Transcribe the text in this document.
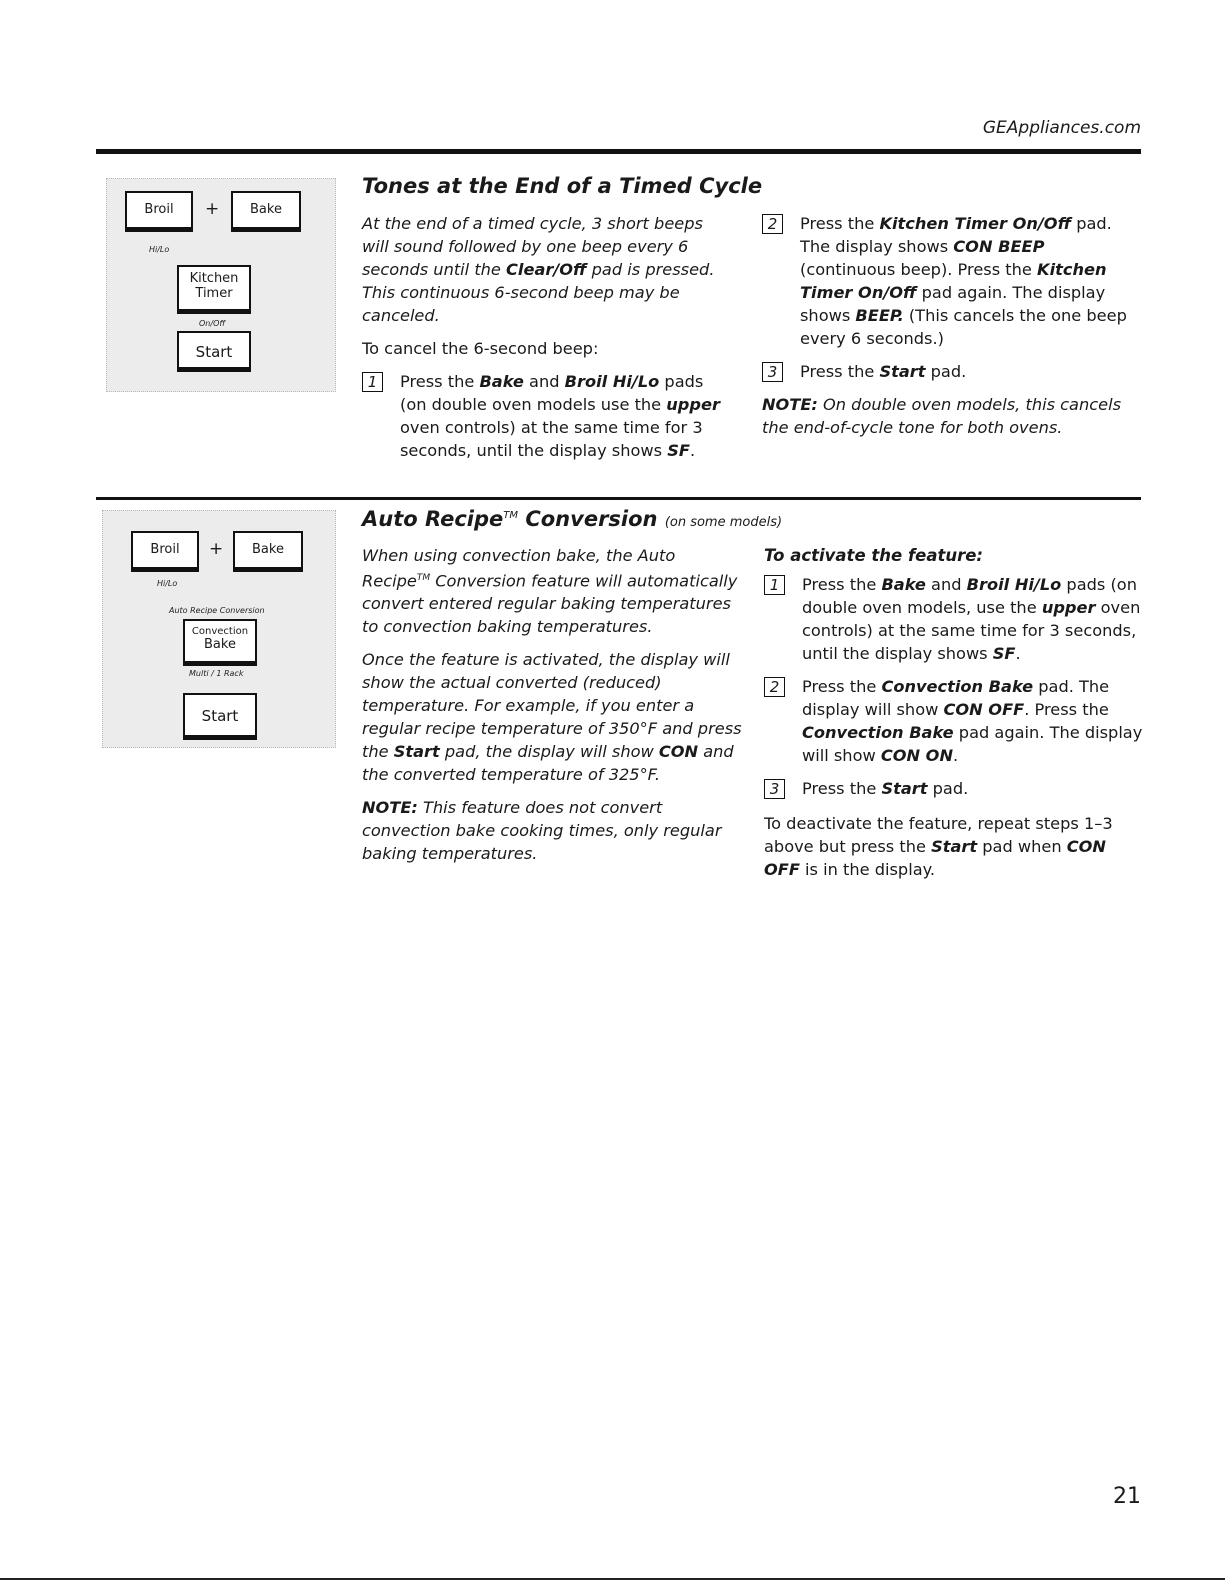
GEAppliances.com
Broil
Hi/Lo
+	Bake
Kitchen
Timer
On/Off
Start
Tones at the End of a Timed Cycle

At the end of a timed cycle, 3 short beeps will sound followed by one beep every 6 seconds until the Clear/Off pad is pressed. This continuous 6-second beep may be canceled.

To cancel the 6-second beep:

1	Press the Bake and Broil Hi/Lo pads (on double oven models use the upper oven controls) at the same time for 3 seconds, until the display shows SF.
2	Press the Kitchen Timer On/Off pad. The display shows CON BEEP (continuous beep). Press the Kitchen Timer On/Off pad again. The display shows BEEP. (This cancels the one beep every 6 seconds.)
3	Press the Start pad.

NOTE: On double oven models, this cancels the end-of-cycle tone for both ovens.

Broil
Hi/Lo
+	Bake
Auto Recipe Conversion
Convection
Bake
Multi / 1 Rack
Start
Auto Recipe™ Conversion (on some models)

When using convection bake, the Auto Recipe™ Conversion feature will automatically convert entered regular baking temperatures to convection baking temperatures.

Once the feature is activated, the display will show the actual converted (reduced) temperature. For example, if you enter a regular recipe temperature of 350°F and press the Start pad, the display will show CON and the converted temperature of 325°F.

NOTE: This feature does not convert convection bake cooking times, only regular baking temperatures.

To activate the feature:
1	Press the Bake and Broil Hi/Lo pads (on double oven models, use the upper oven controls) at the same time for 3 seconds, until the display shows SF.
2	Press the Convection Bake pad. The display will show CON OFF. Press the Convection Bake pad again. The display will show CON ON.
3	Press the Start pad.

To deactivate the feature, repeat steps 1–3 above but press the Start pad when CON OFF is in the display.

21
